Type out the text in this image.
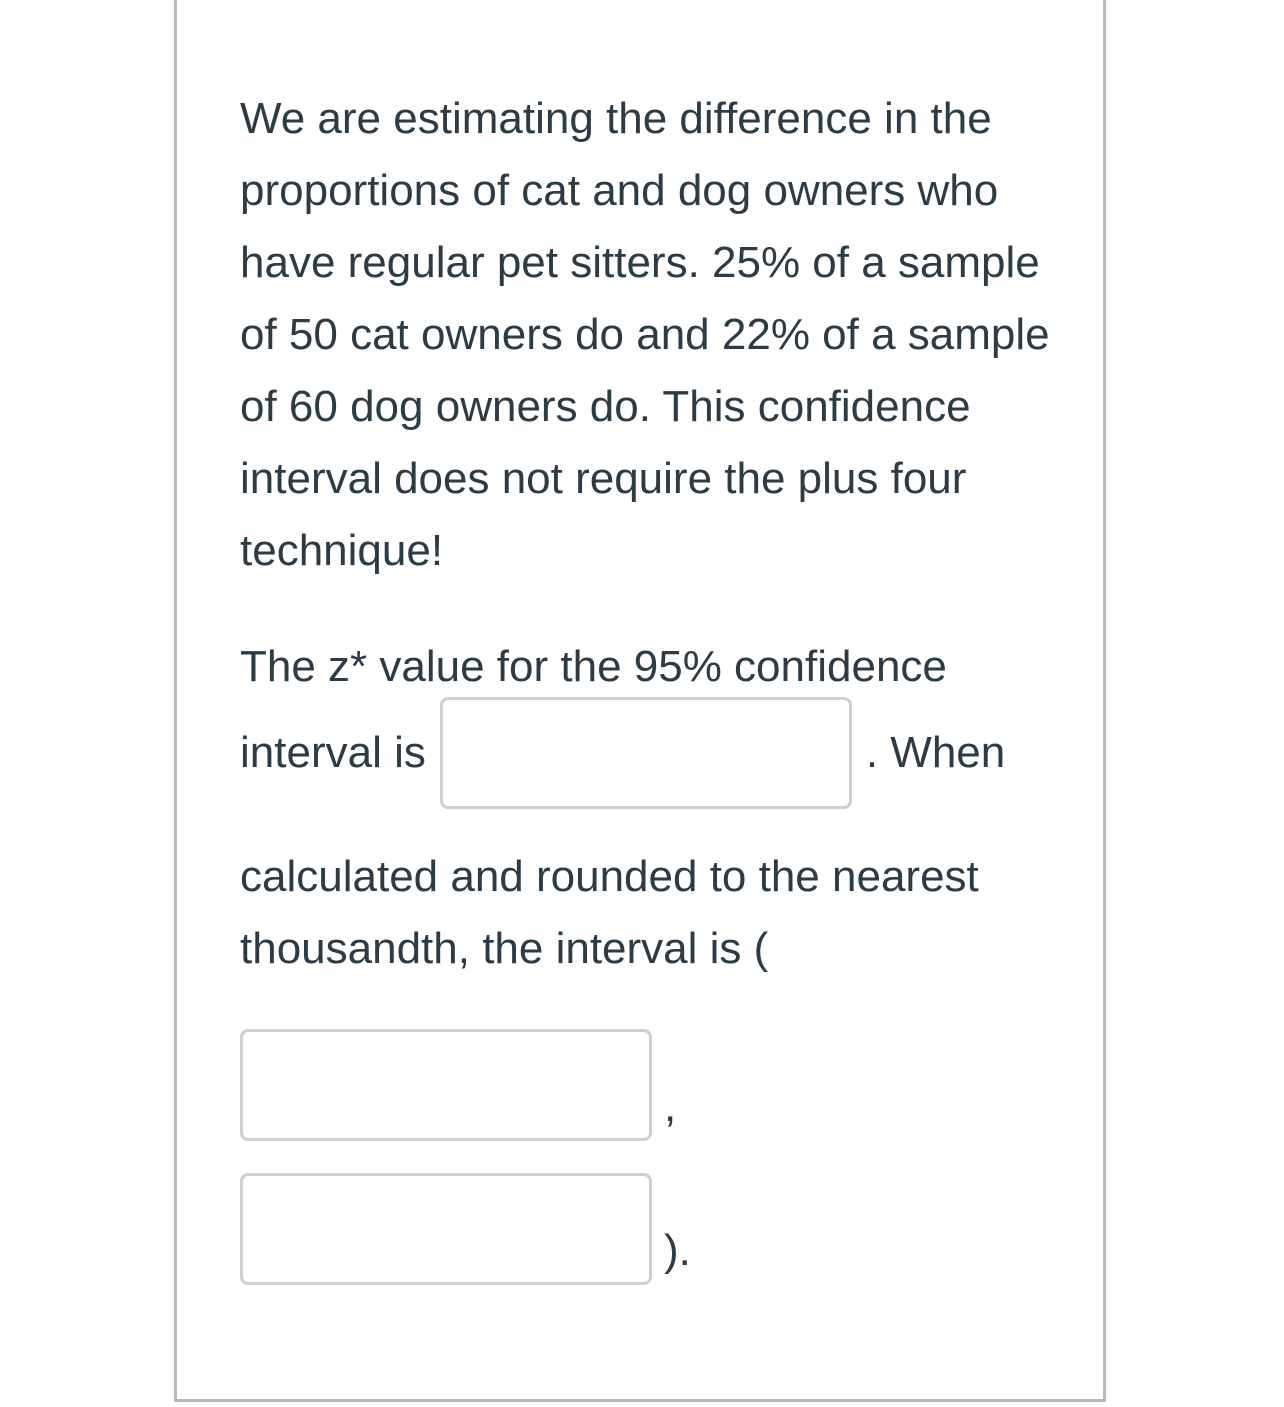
We are estimating the difference in the proportions of cat and dog owners who have regular pet sitters. 25% of a sample of 50 cat owners do and 22% of a sample of 60 dog owners do. This confidence interval does not require the plus four technique!

The z* value for the 95% confidence
interval is	. When

calculated and rounded to the nearest thousandth, the interval is (

,
).
